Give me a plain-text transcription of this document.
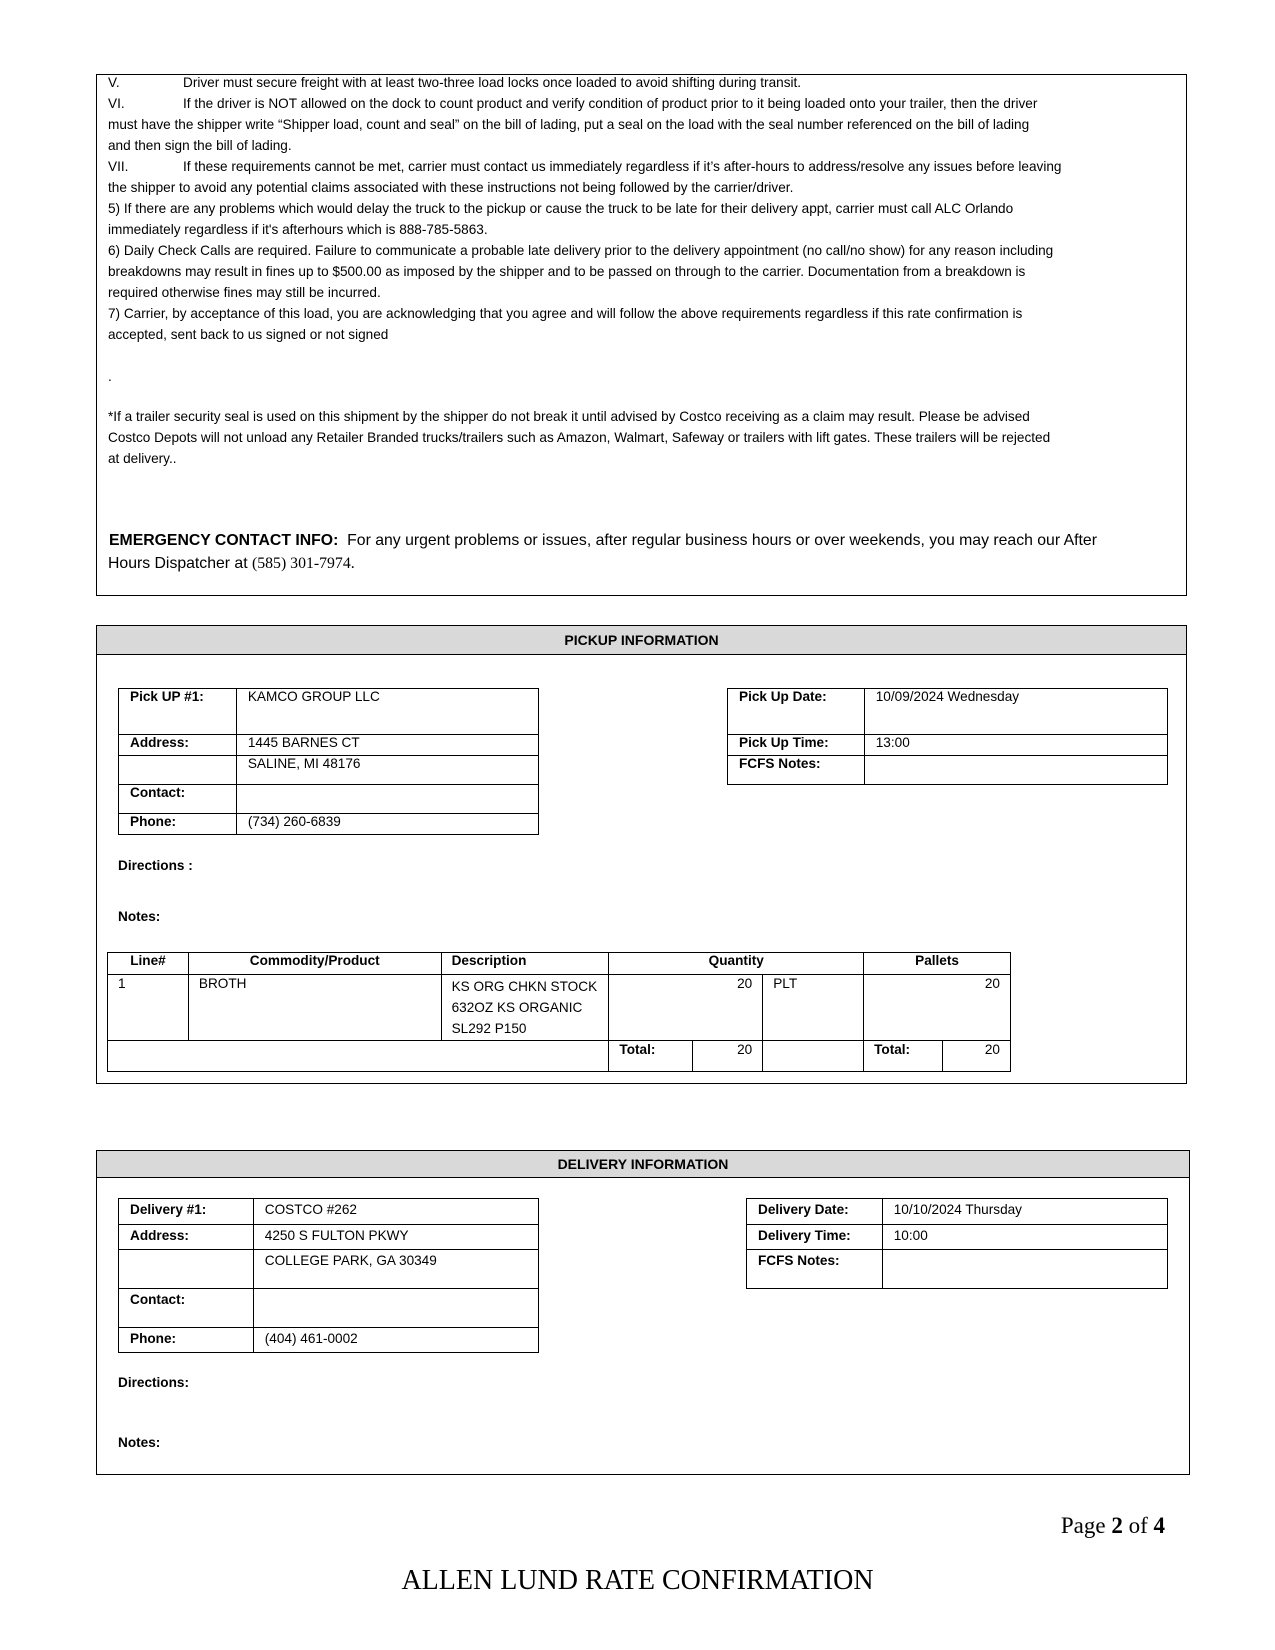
V.	Driver must secure freight with at least two-three load locks once loaded to avoid shifting during transit.
VI.	If the driver is NOT allowed on the dock to count product and verify condition of product prior to it being loaded onto your trailer, then the driver
must have the shipper write “Shipper load, count and seal” on the bill of lading, put a seal on the load with the seal number referenced on the bill of lading
and then sign the bill of lading.
VII.	If these requirements cannot be met, carrier must contact us immediately regardless if it’s after-hours to address/resolve any issues before leaving
the shipper to avoid any potential claims associated with these instructions not being followed by the carrier/driver.
5) If there are any problems which would delay the truck to the pickup or cause the truck to be late for their delivery appt, carrier must call ALC Orlando
immediately regardless if it's afterhours which is 888-785-5863.
6) Daily Check Calls are required. Failure to communicate a probable late delivery prior to the delivery appointment (no call/no show) for any reason including
breakdowns may result in fines up to $500.00 as imposed by the shipper and to be passed on through to the carrier. Documentation from a breakdown is
required otherwise fines may still be incurred.
7) Carrier, by acceptance of this load, you are acknowledging that you agree and will follow the above requirements regardless if this rate confirmation is
accepted, sent back to us signed or not signed
.
*If a trailer security seal is used on this shipment by the shipper do not break it until advised by Costco receiving as a claim may result. Please be advised
Costco Depots will not unload any Retailer Branded trucks/trailers such as Amazon, Walmart, Safeway or trailers with lift gates. These trailers will be rejected
at delivery..
EMERGENCY CONTACT INFO: For any urgent problems or issues, after regular business hours or over weekends, you may reach our After
Hours Dispatcher at (585) 301-7974.
PICKUP INFORMATION
Pick UP #1:	KAMCO GROUP LLC
Address:	1445 BARNES CT
	SALINE, MI 48176
Contact:	
Phone:	(734) 260-6839
Pick Up Date:	10/09/2024 Wednesday
Pick Up Time:	13:00
FCFS Notes:	
Directions :
Notes:
Line#	Commodity/Product	Description	Quantity			Pallets	
1	BROTH	KS ORG CHKN STOCK
632OZ KS ORGANIC
SL292 P150	20		PLT	20	
			Total:	20		Total:	20
DELIVERY INFORMATION
Delivery #1:	COSTCO #262
Address:	4250 S FULTON PKWY
	COLLEGE PARK, GA 30349
Contact:	
Phone:	(404) 461-0002
Delivery Date:	10/10/2024 Thursday
Delivery Time:	10:00
FCFS Notes:	
Directions:
Notes:
Page 2 of 4
ALLEN LUND RATE CONFIRMATION
